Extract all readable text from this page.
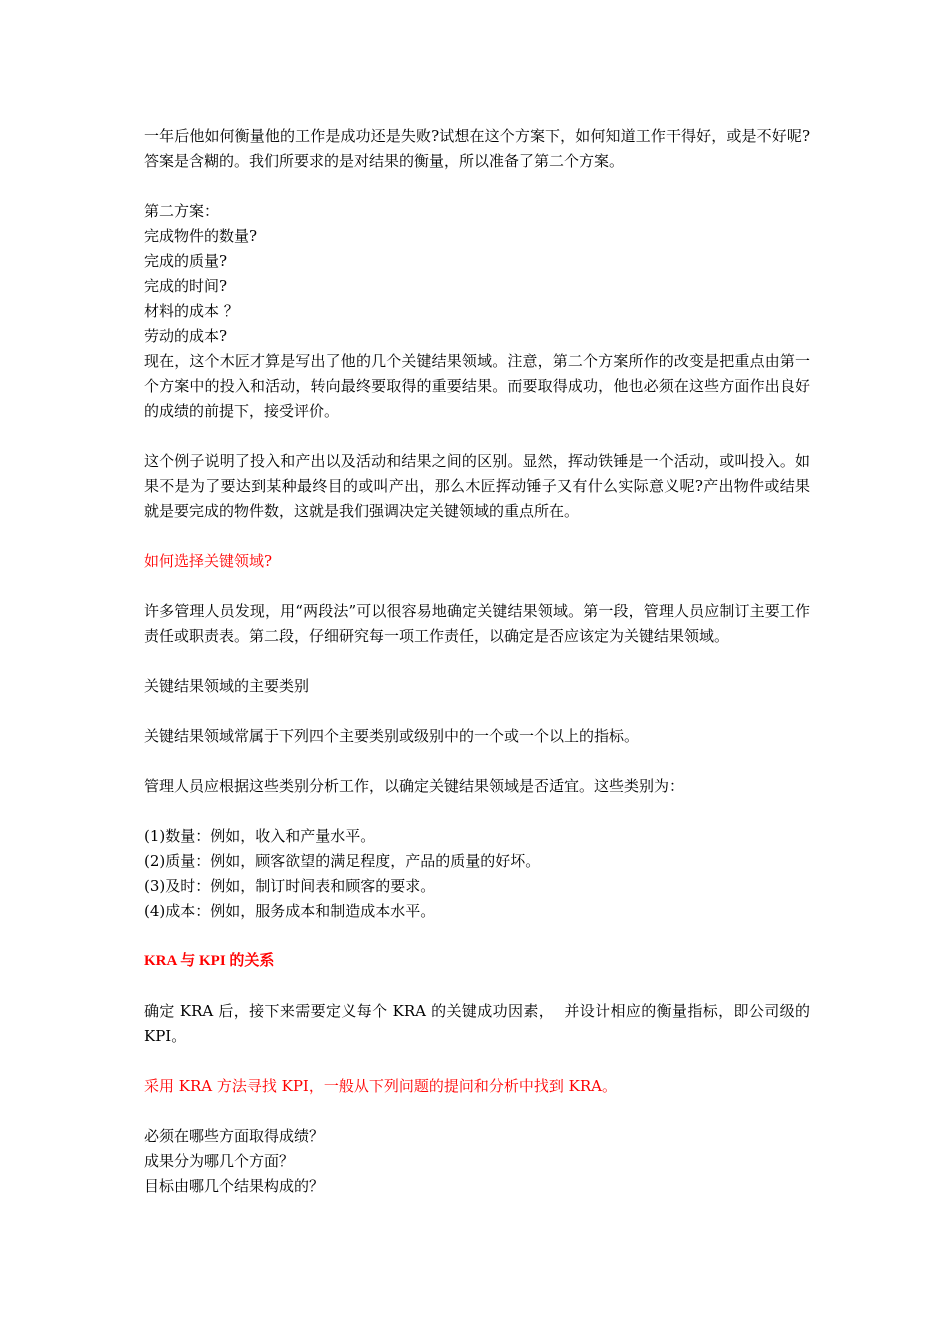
一年后他如何衡量他的工作是成功还是失败?试想在这个方案下，如何知道工作干得好，或是不好呢?答案是含糊的。我们所要求的是对结果的衡量，所以准备了第二个方案。

第二方案：

完成物件的数量?

完成的质量?

完成的时间?

材料的成本 ？

劳动的成本?

现在，这个木匠才算是写出了他的几个关键结果领域。注意，第二个方案所作的改变是把重点由第一个方案中的投入和活动，转向最终要取得的重要结果。而要取得成功，他也必须在这些方面作出良好的成绩的前提下，接受评价。

这个例子说明了投入和产出以及活动和结果之间的区别。显然，挥动铁锤是一个活动，或叫投入。如果不是为了要达到某种最终目的或叫产出，那么木匠挥动锤子又有什么实际意义呢?产出物件或结果就是要完成的物件数，这就是我们强调决定关键领域的重点所在。

如何选择关键领域?

许多管理人员发现，用“两段法”可以很容易地确定关键结果领域。第一段，管理人员应制订主要工作责任或职责表。第二段，仔细研究每一项工作责任，以确定是否应该定为关键结果领域。

关键结果领域的主要类别

关键结果领域常属于下列四个主要类别或级别中的一个或一个以上的指标。

管理人员应根据这些类别分析工作，以确定关键结果领域是否适宜。这些类别为：

(1)数量：例如，收入和产量水平。

(2)质量：例如，顾客欲望的满足程度，产品的质量的好坏。

(3)及时：例如，制订时间表和顾客的要求。

(4)成本：例如，服务成本和制造成本水平。

KRA 与 KPI 的关系

确定 KRA 后，接下来需要定义每个 KRA 的关键成功因素，  并设计相应的衡量指标，即公司级的 KPI。

采用 KRA 方法寻找 KPI，一般从下列问题的提问和分析中找到 KRA。

必须在哪些方面取得成绩？

成果分为哪几个方面？

目标由哪几个结果构成的？
